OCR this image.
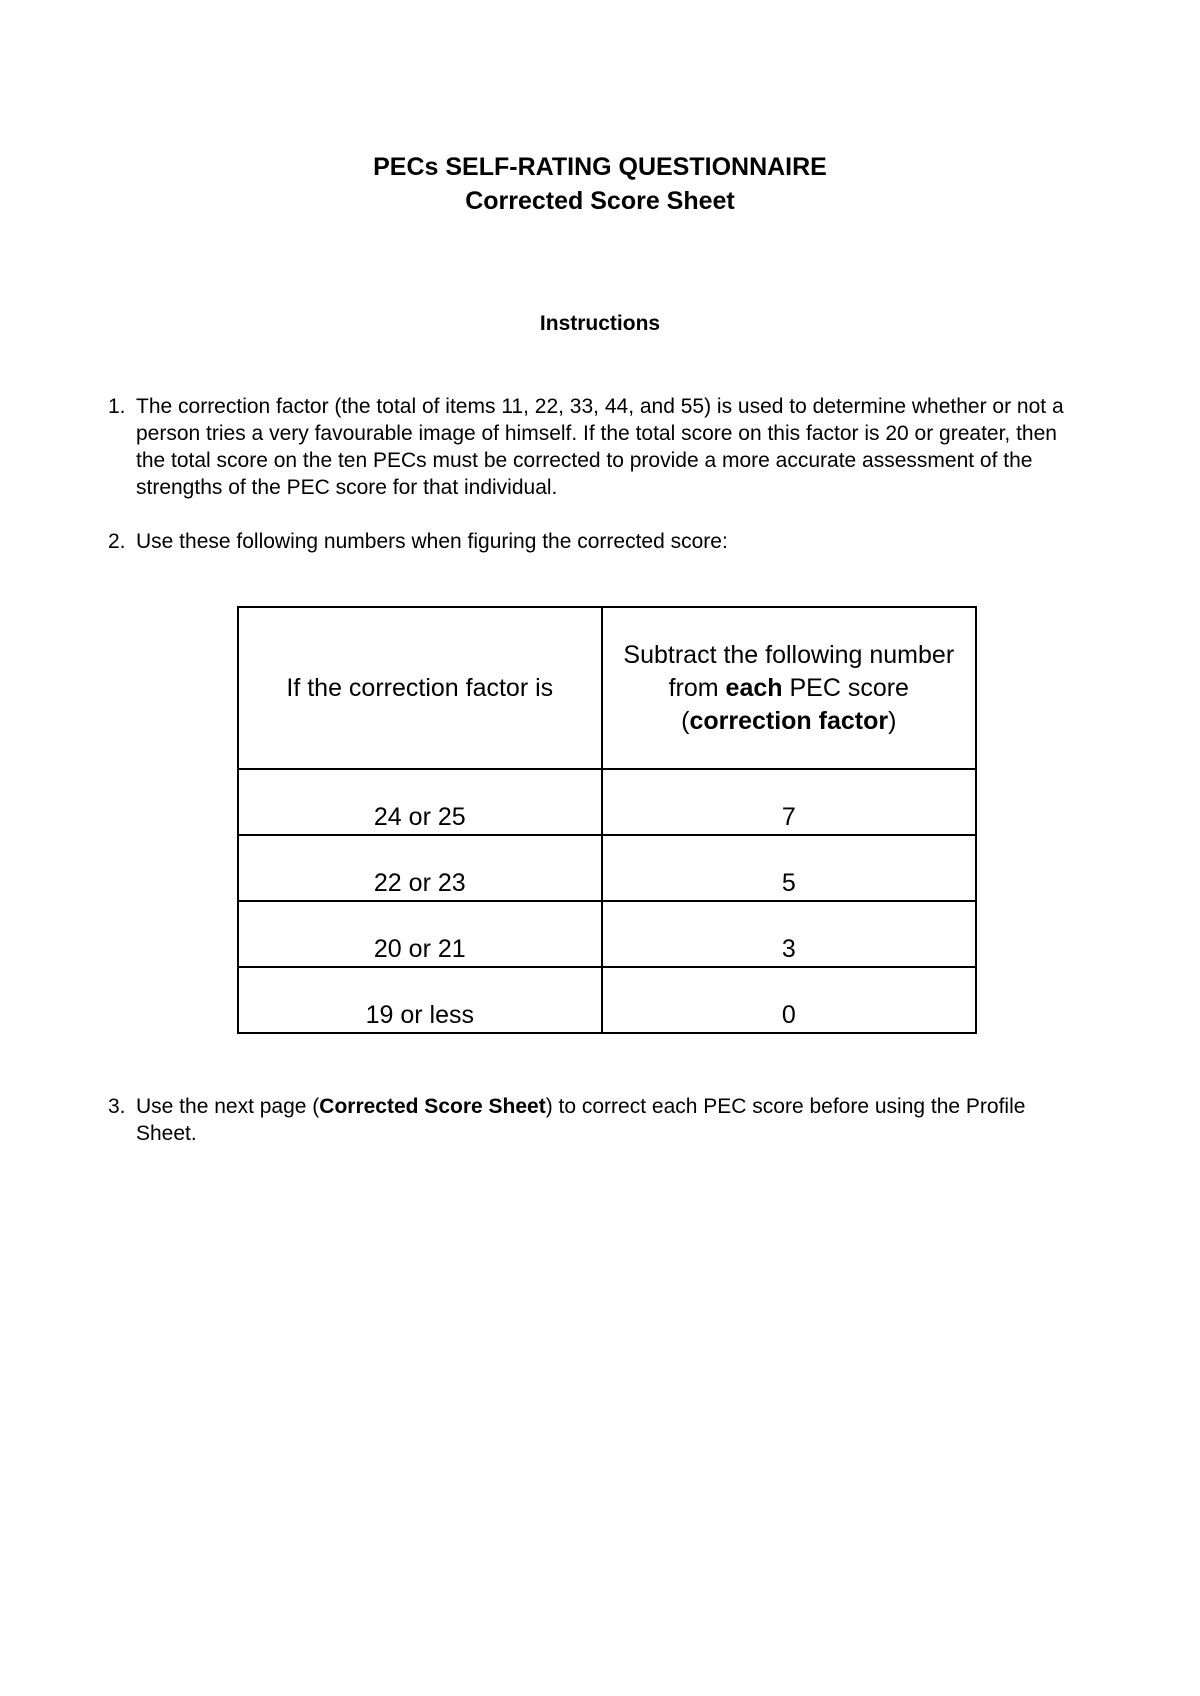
PECs SELF-RATING QUESTIONNAIRE
Corrected Score Sheet
Instructions
1. The correction factor (the total of items 11, 22, 33, 44, and 55) is used to determine whether or not a person tries a very favourable image of himself. If the total score on this factor is 20 or greater, then the total score on the ten PECs must be corrected to provide a more accurate assessment of the strengths of the PEC score for that individual.
2. Use these following numbers when figuring the corrected score:
If the correction factor is	Subtract the following number from each PEC score (correction factor)
24 or 25	7
22 or 23	5
20 or 21	3
19 or less	0
3. Use the next page (Corrected Score Sheet) to correct each PEC score before using the Profile Sheet.
